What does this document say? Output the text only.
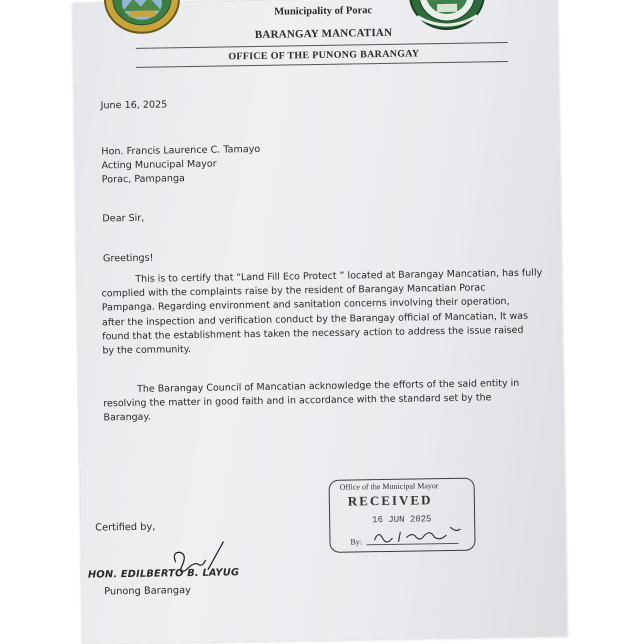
Municipality of Porac
BARANGAY MANCATIAN
OFFICE OF THE PUNONG BARANGAY
June 16, 2025
Hon. Francis Laurence C. Tamayo
Acting Munucipal Mayor
Porac, Pampanga
Dear Sir,
Greetings!
This is to certify that “Land Fill Eco Protect ” located at Barangay Mancatian, has fully
complied with the complaints raise by the resident of Barangay Mancatian Porac
Pampanga. Regarding environment and sanitation concerns involving their operation,
after the inspection and verification conduct by the Barangay official of Mancatian, It was
found that the establishment has taken the necessary action to address the issue raised
by the community.
The Barangay Council of Mancatian acknowledge the efforts of the said entity in
resolving the matter in good faith and in accordance with the standard set by the
Barangay.
Office of the Municipal Mayor
RECEIVED
16 JUN 2025
By:
Certified by,
HON. EDILBERTO B. LAYUG
Punong Barangay
